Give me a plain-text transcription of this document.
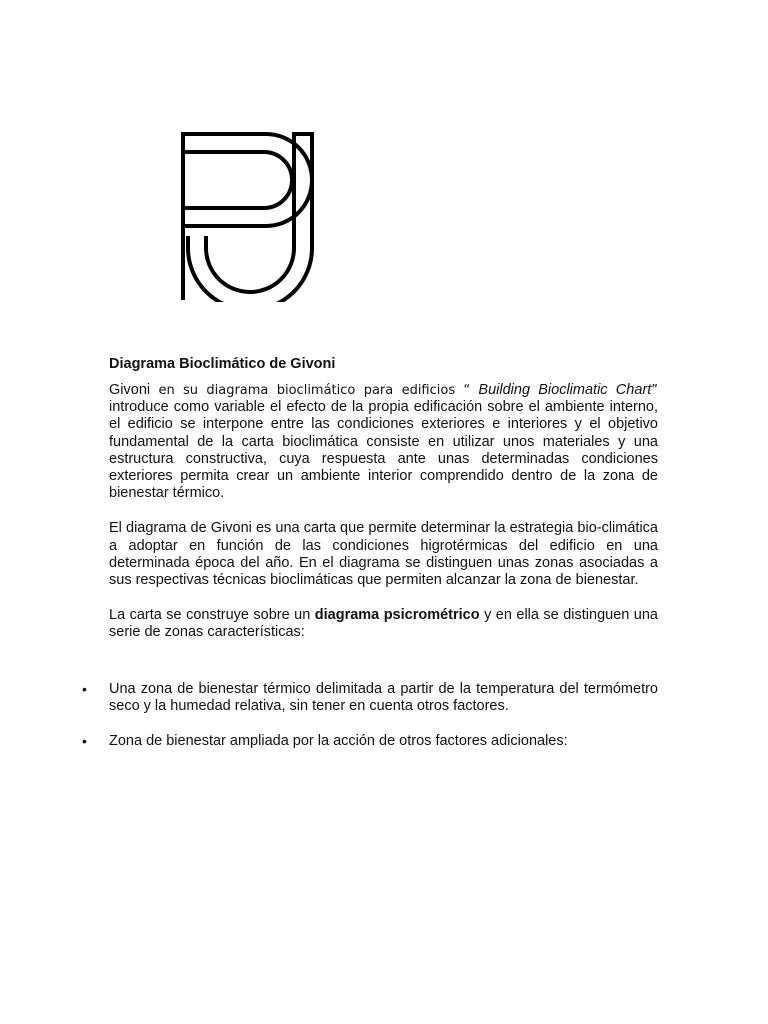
Diagrama Bioclimático de Givoni

Givoni en su diagrama bioclimático para edificios “ Building Bioclimatic Chart” introduce como variable el efecto de la propia edificación sobre el ambiente interno, el edificio se interpone entre las condiciones exteriores e interiores y el objetivo fundamental de la carta bioclimática consiste en utilizar unos materiales y una estructura constructiva, cuya respuesta ante unas determinadas condiciones exteriores permita crear un ambiente interior comprendido dentro de la zona de bienestar térmico.

El diagrama de Givoni es una carta que permite determinar la estrategia bio-climática a adoptar en función de las condiciones higrotérmicas del edificio en una determinada época del año. En el diagrama se distinguen unas zonas asociadas a sus respectivas técnicas bioclimáticas que permiten alcanzar la zona de bienestar.

La carta se construye sobre un diagrama psicrométrico y en ella se distinguen una serie de zonas características:

•	Una zona de bienestar térmico delimitada a partir de la temperatura del termómetro seco y la humedad relativa, sin tener en cuenta otros factores.
•	Zona de bienestar ampliada por la acción de otros factores adicionales:
